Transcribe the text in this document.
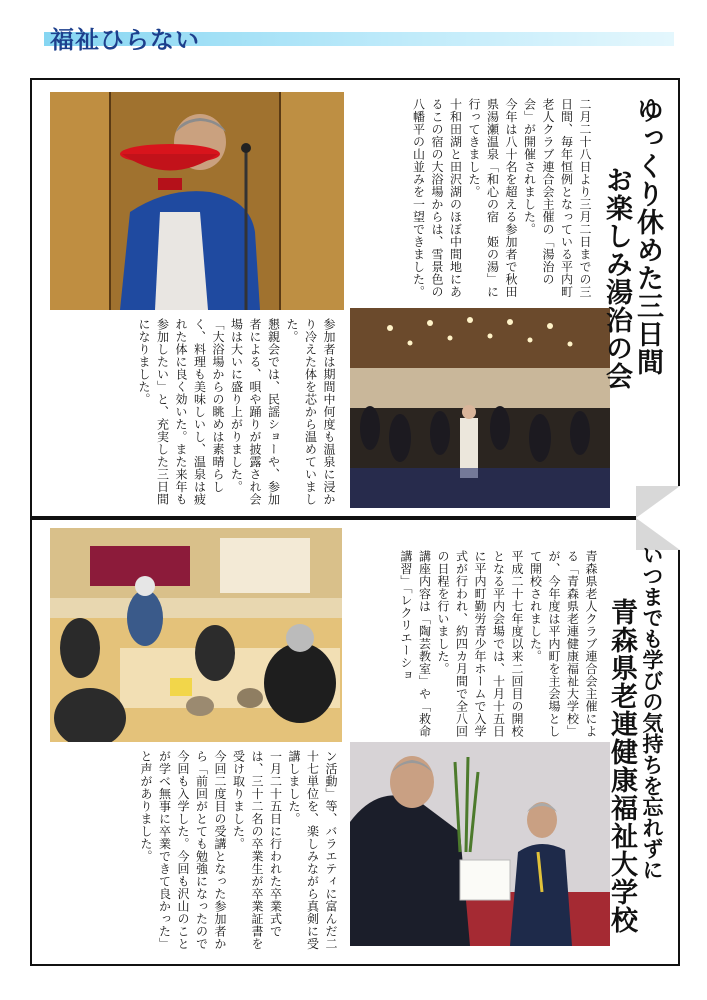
福祉ひらない
ゆっくり休めた三日間
お楽しみ湯治の会

二月二十八日より三月二日までの三日間、毎年恒例となっている平内町老人クラブ連合会主催の「湯治の会」が開催されました。

今年は八十名を超える参加者で秋田県湯瀬温泉「和心の宿　姫の湯」に行ってきました。

十和田湖と田沢湖のほぼ中間地にあるこの宿の大浴場からは、雪景色の八幡平の山並みを一望できました。

参加者は期間中何度も温泉に浸かり冷えた体を芯から温めていました。

懇親会では、民謡ショーや、参加者による、唄や踊りが披露され会場は大いに盛り上がりました。

「大浴場からの眺めは素晴らしく、料理も美味しいし、温泉は疲れた体に良く効いた。また来年も参加したい」と、充実した三日間になりました。

いつまでも学びの気持ちを忘れずに
青森県老連健康福祉大学校

青森県老人クラブ連合会主催による「青森県老連健康福祉大学校」が、今年度は平内町を主会場として開校されました。

平成二十七年度以来二回目の開校となる平内会場では、十月十五日に平内町勤労青少年ホームで入学式が行われ、約四カ月間で全八回の日程を行いました。

講座内容は「陶芸教室」や「救命講習」「レクリエーショ

ン活動」等、バラエティに富んだ二十七単位を、楽しみながら真剣に受講しました。

一月二十五日に行われた卒業式では、三十二名の卒業生が卒業証書を受け取りました。

今回二度目の受講となった参加者から「前回がとても勉強になったので今回も入学した。今回も沢山のことが学べ無事に卒業できて良かった」と声がありました。
